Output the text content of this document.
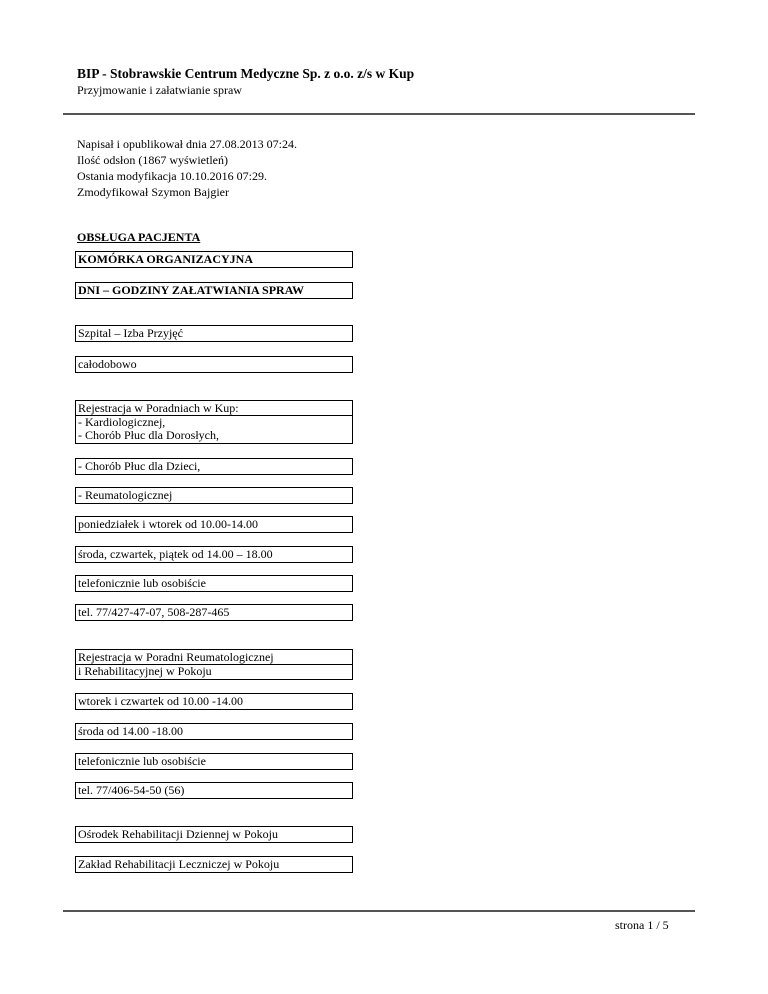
BIP - Stobrawskie Centrum Medyczne Sp. z o.o. z/s w Kup
Przyjmowanie i załatwianie spraw
Napisał i opublikował dnia 27.08.2013 07:24.
Ilość odsłon (1867 wyświetleń)
Ostania modyfikacja 10.10.2016 07:29.
Zmodyfikował Szymon Bajgier
OBSŁUGA PACJENTA
KOMÓRKA ORGANIZACYJNA
DNI – GODZINY ZAŁATWIANIA SPRAW
Szpital – Izba Przyjęć
całodobowo
Rejestracja w Poradniach w Kup:
- Kardiologicznej,
- Chorób Płuc dla Dorosłych,
- Chorób Płuc dla Dzieci,
- Reumatologicznej
poniedziałek i wtorek od 10.00-14.00
środa, czwartek, piątek od 14.00 – 18.00
telefonicznie lub osobiście
tel. 77/427-47-07, 508-287-465
Rejestracja w Poradni Reumatologicznej
i Rehabilitacyjnej w Pokoju
wtorek i czwartek od 10.00 -14.00
środa od 14.00 -18.00
telefonicznie lub osobiście
tel. 77/406-54-50 (56)
Ośrodek Rehabilitacji Dziennej w Pokoju
Zakład Rehabilitacji Leczniczej w Pokoju
strona 1 / 5
